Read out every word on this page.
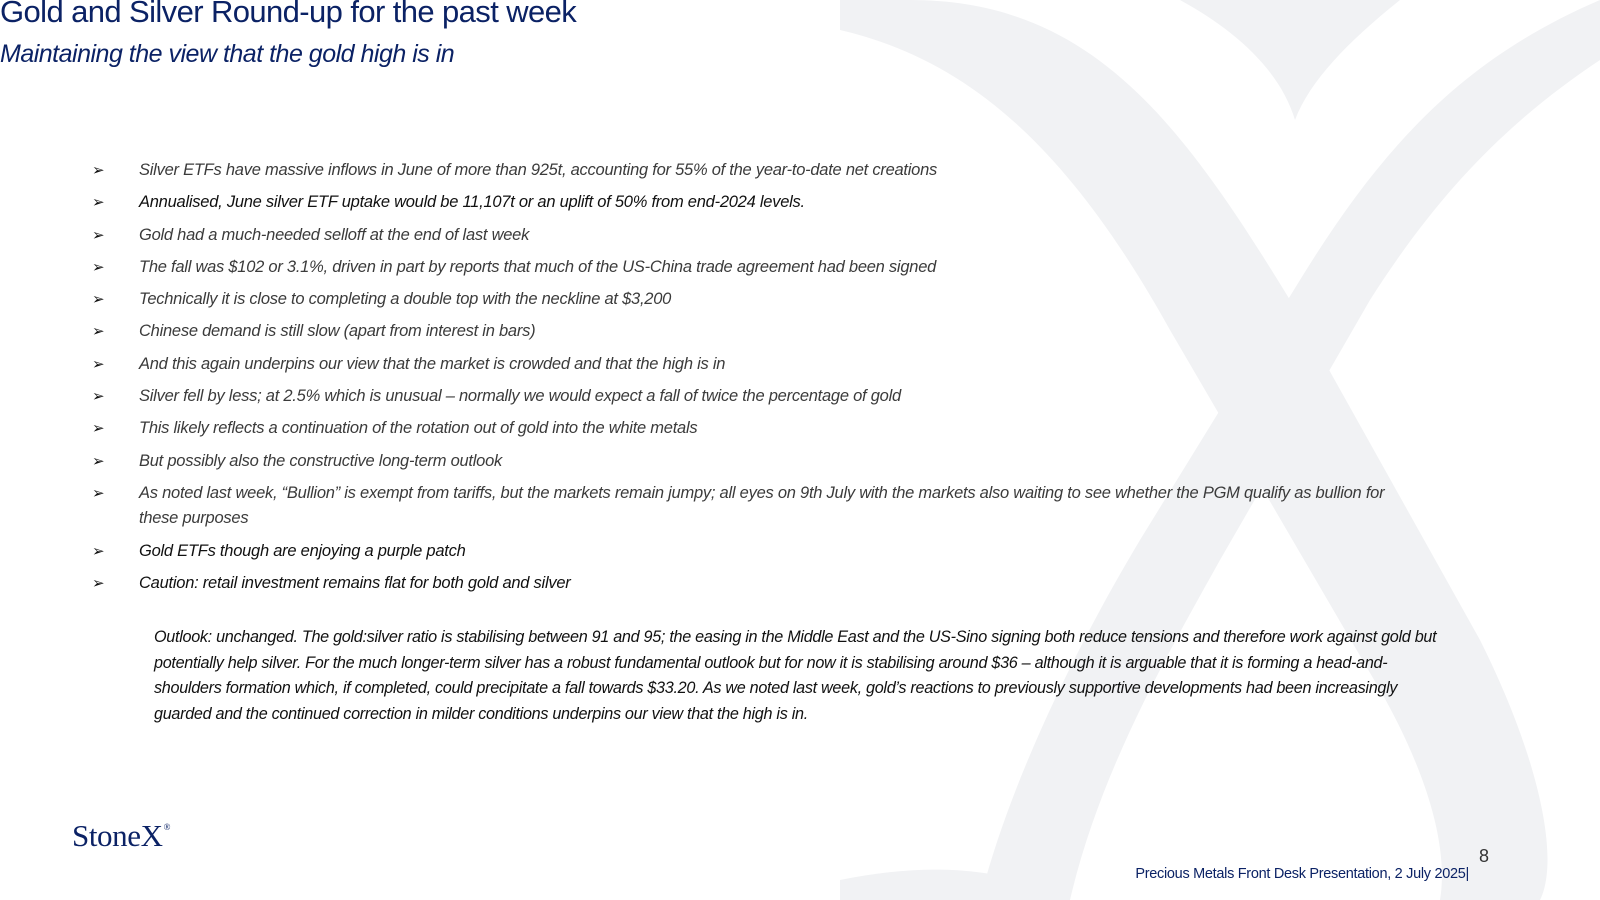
Gold and Silver Round-up for the past week
Maintaining the view that the gold high is in
➢ Silver ETFs have massive inflows in June of more than 925t, accounting for 55% of the year-to-date net creations
➢ Annualised, June silver ETF uptake would be 11,107t or an uplift of 50% from end-2024 levels.
➢ Gold had a much-needed selloff at the end of last week
➢ The fall was $102 or 3.1%, driven in part by reports that much of the US-China trade agreement had been signed
➢ Technically it is close to completing a double top with the neckline at $3,200
➢ Chinese demand is still slow (apart from interest in bars)
➢ And this again underpins our view that the market is crowded and that the high is in
➢ Silver fell by less; at 2.5% which is unusual – normally we would expect a fall of twice the percentage of gold
➢ This likely reflects a continuation of the rotation out of gold into the white metals
➢ But possibly also the constructive long-term outlook
➢ As noted last week, “Bullion” is exempt from tariffs, but the markets remain jumpy; all eyes on 9th July with the markets also waiting to see whether the PGM qualify as bullion for these purposes
➢ Gold ETFs though are enjoying a purple patch
➢ Caution: retail investment remains flat for both gold and silver

Outlook: unchanged. The gold:silver ratio is stabilising between 91 and 95; the easing in the Middle East and the US-Sino signing both reduce tensions and therefore work against gold but potentially help silver. For the much longer-term silver has a robust fundamental outlook but for now it is stabilising around $36 – although it is arguable that it is forming a head-and-shoulders formation which, if completed, could precipitate a fall towards $33.20. As we noted last week, gold’s reactions to previously supportive developments had been increasingly guarded and the continued correction in milder conditions underpins our view that the high is in.

StoneX®
8
Precious Metals Front Desk Presentation, 2 July 2025|
